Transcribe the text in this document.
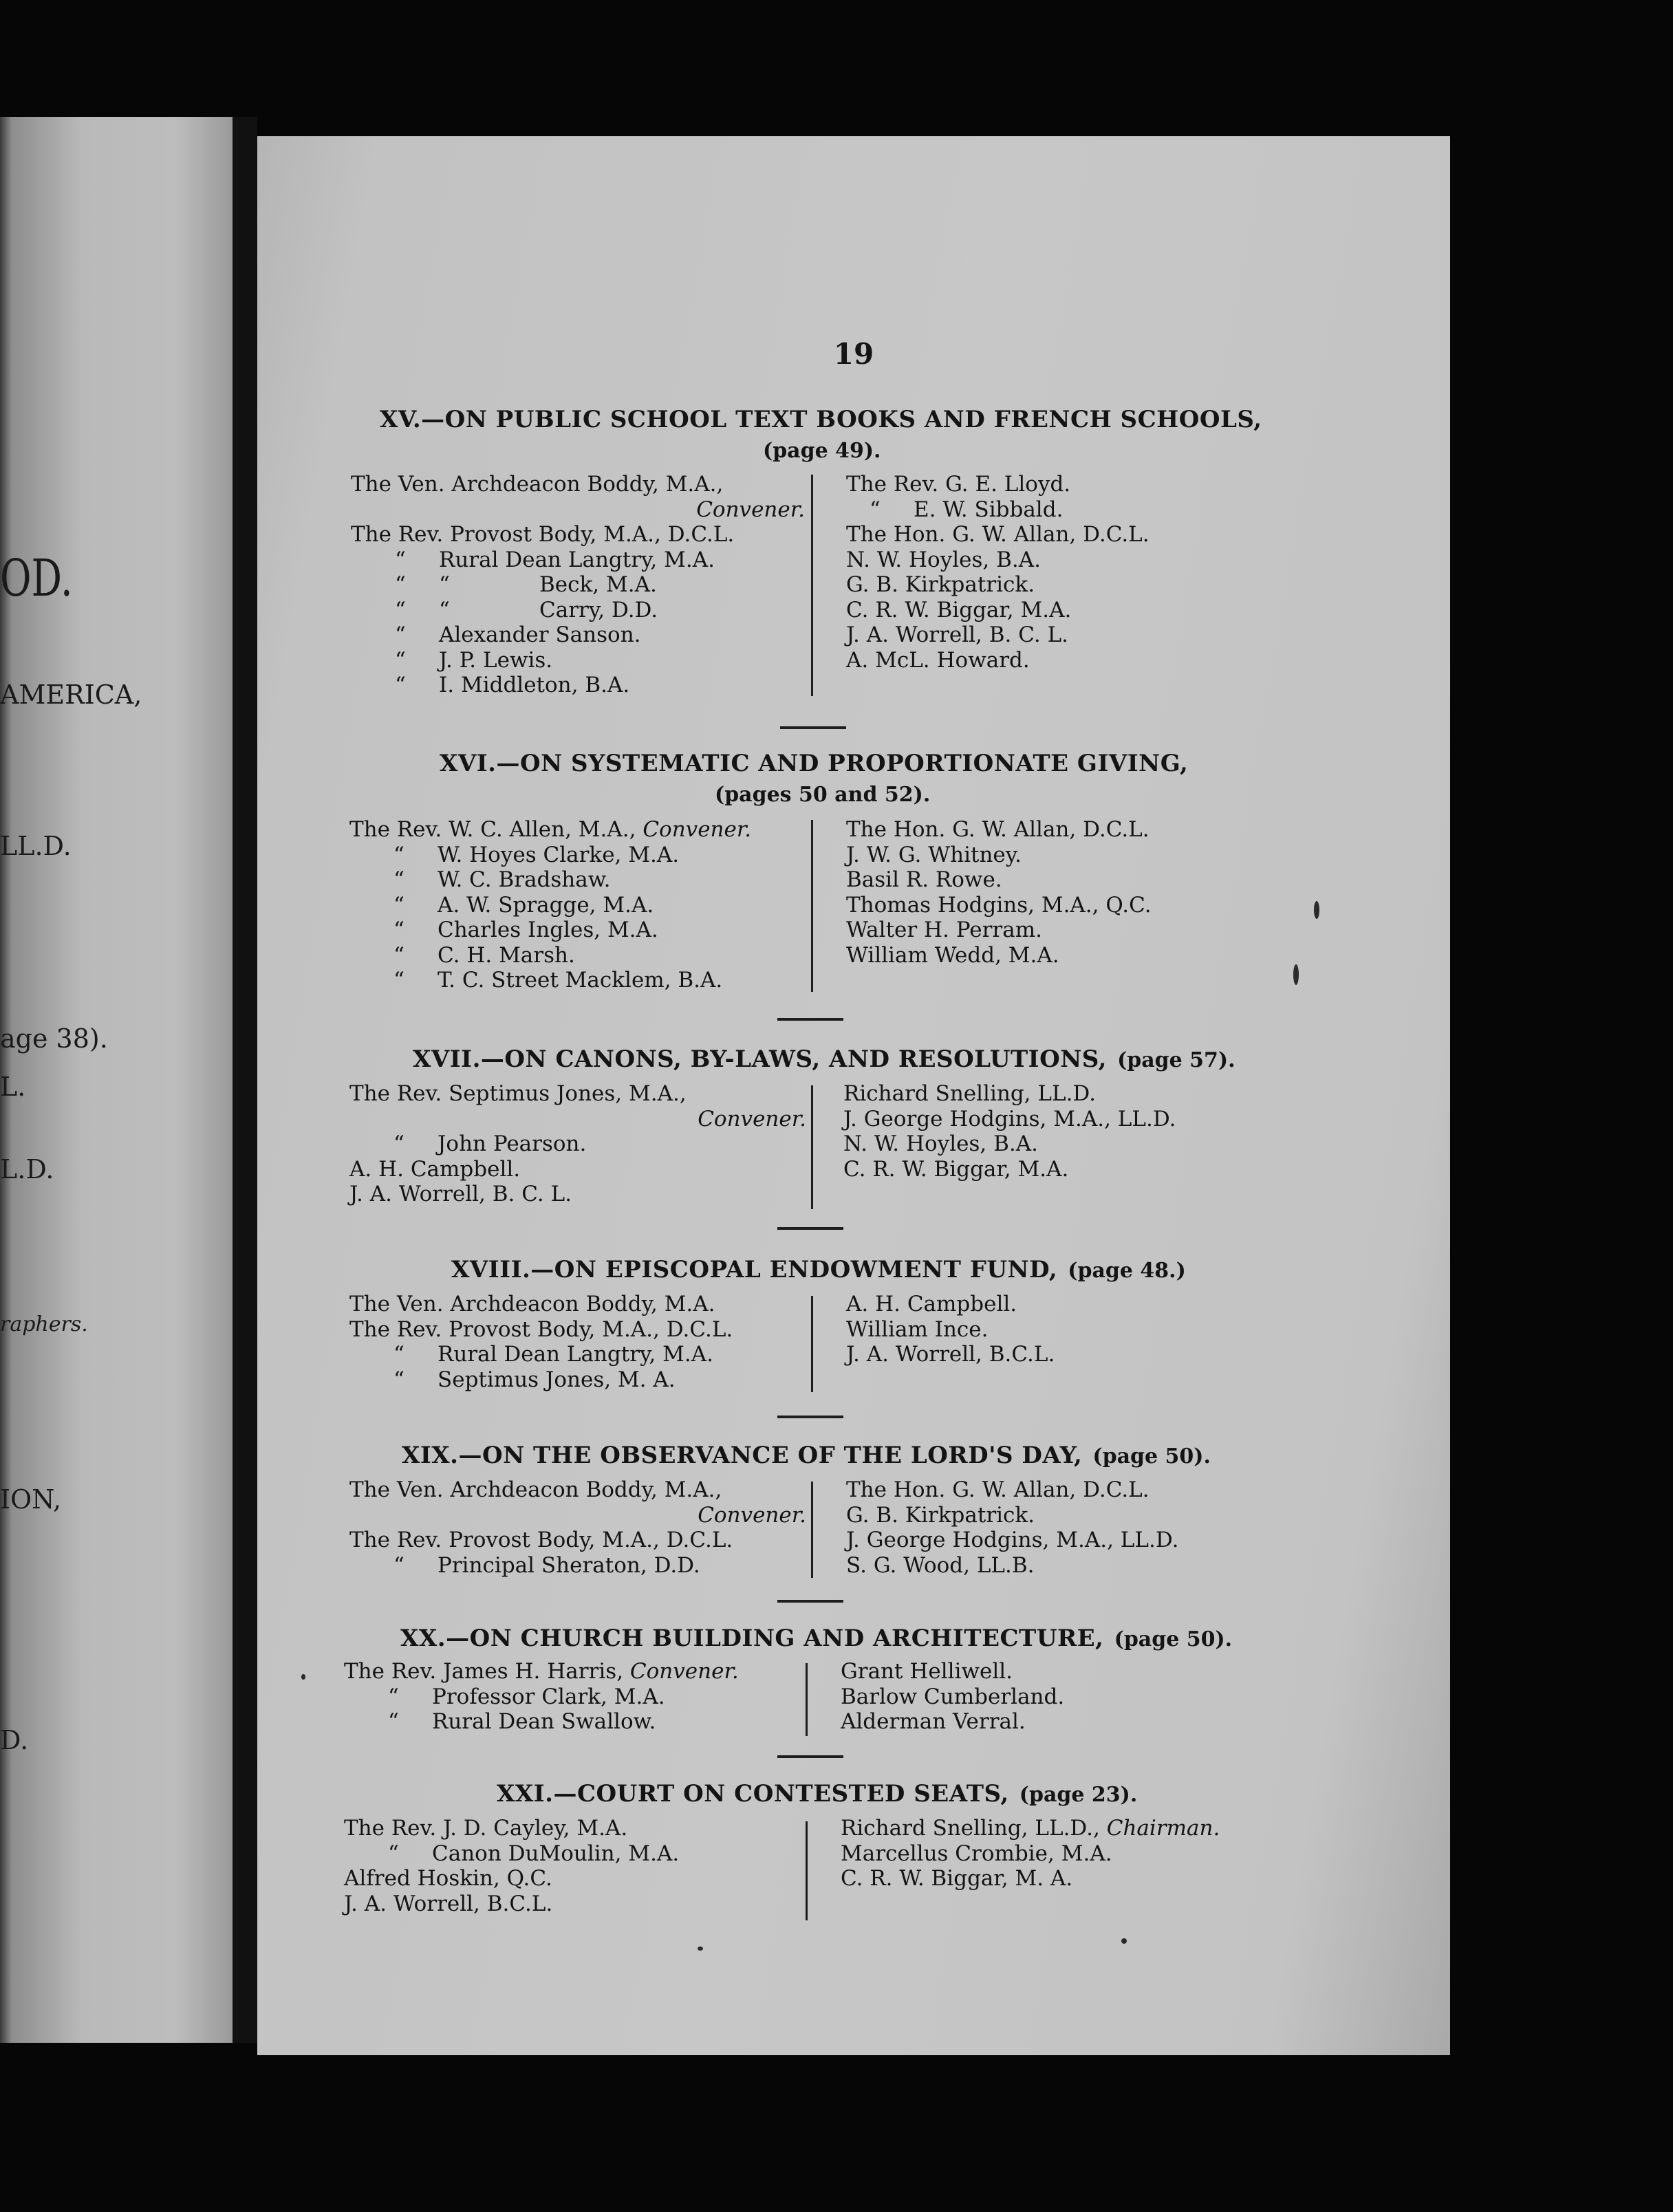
OD.
AMERICA,
LL.D.
age 38).
L.
L.D.
raphers.
ION,
D.
19
XV.—ON PUBLIC SCHOOL TEXT BOOKS AND FRENCH SCHOOLS,
(page 49).
The Ven. Archdeacon Boddy, M.A.,
Convener.
The Rev. Provost Body, M.A., D.C.L.
“ Rural Dean Langtry, M.A.
“ “	Beck, M.A.
“ “	Carry, D.D.
“ Alexander Sanson.
“ J. P. Lewis.
“ I. Middleton, B.A.
The Rev. G. E. Lloyd.
“ E. W. Sibbald.
The Hon. G. W. Allan, D.C.L.
N. W. Hoyles, B.A.
G. B. Kirkpatrick.
C. R. W. Biggar, M.A.
J. A. Worrell, B. C. L.
A. McL. Howard.
XVI.—ON SYSTEMATIC AND PROPORTIONATE GIVING,
(pages 50 and 52).
The Rev. W. C. Allen, M.A., Convener.
“ W. Hoyes Clarke, M.A.
“ W. C. Bradshaw.
“ A. W. Spragge, M.A.
“ Charles Ingles, M.A.
“ C. H. Marsh.
“ T. C. Street Macklem, B.A.
The Hon. G. W. Allan, D.C.L.
J. W. G. Whitney.
Basil R. Rowe.
Thomas Hodgins, M.A., Q.C.
Walter H. Perram.
William Wedd, M.A.
XVII.—ON CANONS, BY-LAWS, AND RESOLUTIONS, (page 57).
The Rev. Septimus Jones, M.A.,
Convener.
“ John Pearson.
A. H. Campbell.
J. A. Worrell, B. C. L.
Richard Snelling, LL.D.
J. George Hodgins, M.A., LL.D.
N. W. Hoyles, B.A.
C. R. W. Biggar, M.A.
XVIII.—ON EPISCOPAL ENDOWMENT FUND, (page 48.)
The Ven. Archdeacon Boddy, M.A.
The Rev. Provost Body, M.A., D.C.L.
“ Rural Dean Langtry, M.A.
“ Septimus Jones, M. A.
A. H. Campbell.
William Ince.
J. A. Worrell, B.C.L.
XIX.—ON THE OBSERVANCE OF THE LORD'S DAY, (page 50).
The Ven. Archdeacon Boddy, M.A.,
Convener.
The Rev. Provost Body, M.A., D.C.L.
“ Principal Sheraton, D.D.
The Hon. G. W. Allan, D.C.L.
G. B. Kirkpatrick.
J. George Hodgins, M.A., LL.D.
S. G. Wood, LL.B.
XX.—ON CHURCH BUILDING AND ARCHITECTURE, (page 50).
The Rev. James H. Harris, Convener.
“ Professor Clark, M.A.
“ Rural Dean Swallow.
Grant Helliwell.
Barlow Cumberland.
Alderman Verral.
XXI.—COURT ON CONTESTED SEATS, (page 23).
The Rev. J. D. Cayley, M.A.
“ Canon DuMoulin, M.A.
Alfred Hoskin, Q.C.
J. A. Worrell, B.C.L.
Richard Snelling, LL.D., Chairman.
Marcellus Crombie, M.A.
C. R. W. Biggar, M. A.
